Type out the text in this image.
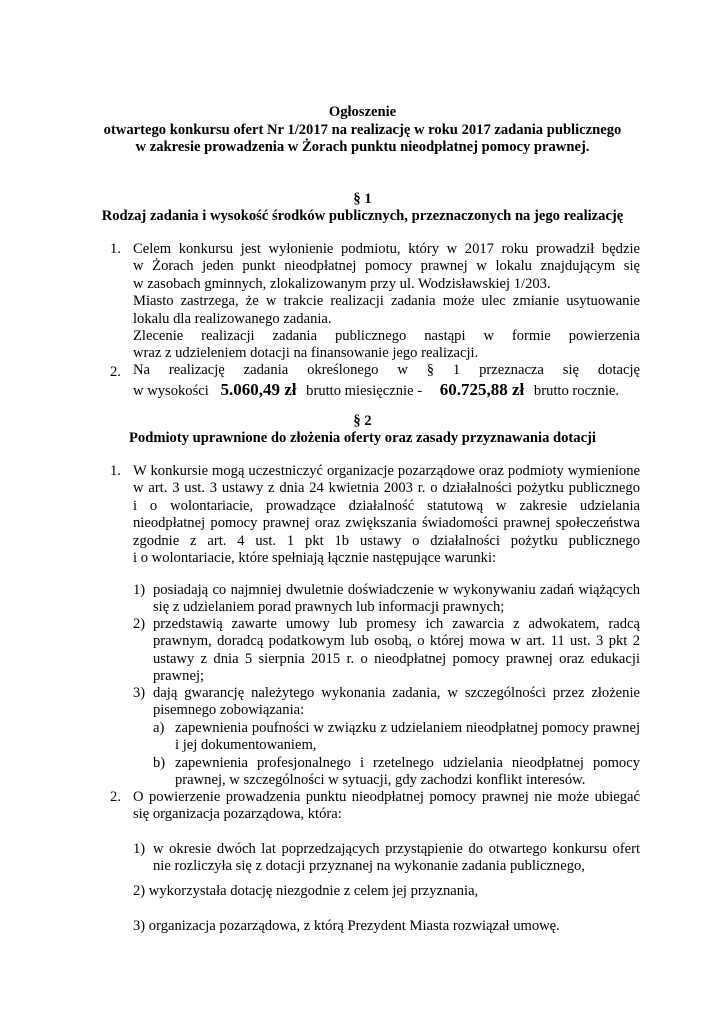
Ogłoszenie
otwartego konkursu ofert Nr 1/2017 na realizację w roku 2017 zadania publicznego
w zakresie prowadzenia w Żorach punktu nieodpłatnej pomocy prawnej.
§ 1
Rodzaj zadania i wysokość środków publicznych, przeznaczonych na jego realizację
1. Celem konkursu jest wyłonienie podmiotu, który w 2017 roku prowadził będzie
w Żorach jeden punkt nieodpłatnej pomocy prawnej w lokalu znajdującym się
w zasobach gminnych, zlokalizowanym przy ul. Wodzisławskiej 1/203.
Miasto zastrzega, że w trakcie realizacji zadania może ulec zmianie usytuowanie
lokalu dla realizowanego zadania.
Zlecenie realizacji zadania publicznego nastąpi w formie powierzenia
wraz z udzieleniem dotacji na finansowanie jego realizacji.
2. Na realizację zadania określonego w § 1 przeznacza się dotację
w wysokości 5.060,49 zł brutto miesięcznie - 60.725,88 zł brutto rocznie.
§ 2
Podmioty uprawnione do złożenia oferty oraz zasady przyznawania dotacji
1. W konkursie mogą uczestniczyć organizacje pozarządowe oraz podmioty wymienione
w art. 3 ust. 3 ustawy z dnia 24 kwietnia 2003 r. o działalności pożytku publicznego
i o wolontariacie, prowadzące działalność statutową w zakresie udzielania
nieodpłatnej pomocy prawnej oraz zwiększania świadomości prawnej społeczeństwa
zgodnie z art. 4 ust. 1 pkt 1b ustawy o działalności pożytku publicznego
i o wolontariacie, które spełniają łącznie następujące warunki:
1) posiadają co najmniej dwuletnie doświadczenie w wykonywaniu zadań wiążących
się z udzielaniem porad prawnych lub informacji prawnych;
2) przedstawią zawarte umowy lub promesy ich zawarcia z adwokatem, radcą
prawnym, doradcą podatkowym lub osobą, o której mowa w art. 11 ust. 3 pkt 2
ustawy z dnia 5 sierpnia 2015 r. o nieodpłatnej pomocy prawnej oraz edukacji
prawnej;
3) dają gwarancję należytego wykonania zadania, w szczególności przez złożenie
pisemnego zobowiązania:
a) zapewnienia poufności w związku z udzielaniem nieodpłatnej pomocy prawnej
i jej dokumentowaniem,
b) zapewnienia profesjonalnego i rzetelnego udzielania nieodpłatnej pomocy
prawnej, w szczególności w sytuacji, gdy zachodzi konflikt interesów.
2. O powierzenie prowadzenia punktu nieodpłatnej pomocy prawnej nie może ubiegać
się organizacja pozarządowa, która:
1) w okresie dwóch lat poprzedzających przystąpienie do otwartego konkursu ofert
nie rozliczyła się z dotacji przyznanej na wykonanie zadania publicznego,
2) wykorzystała dotację niezgodnie z celem jej przyznania,
3) organizacja pozarządowa, z którą Prezydent Miasta rozwiązał umowę.
